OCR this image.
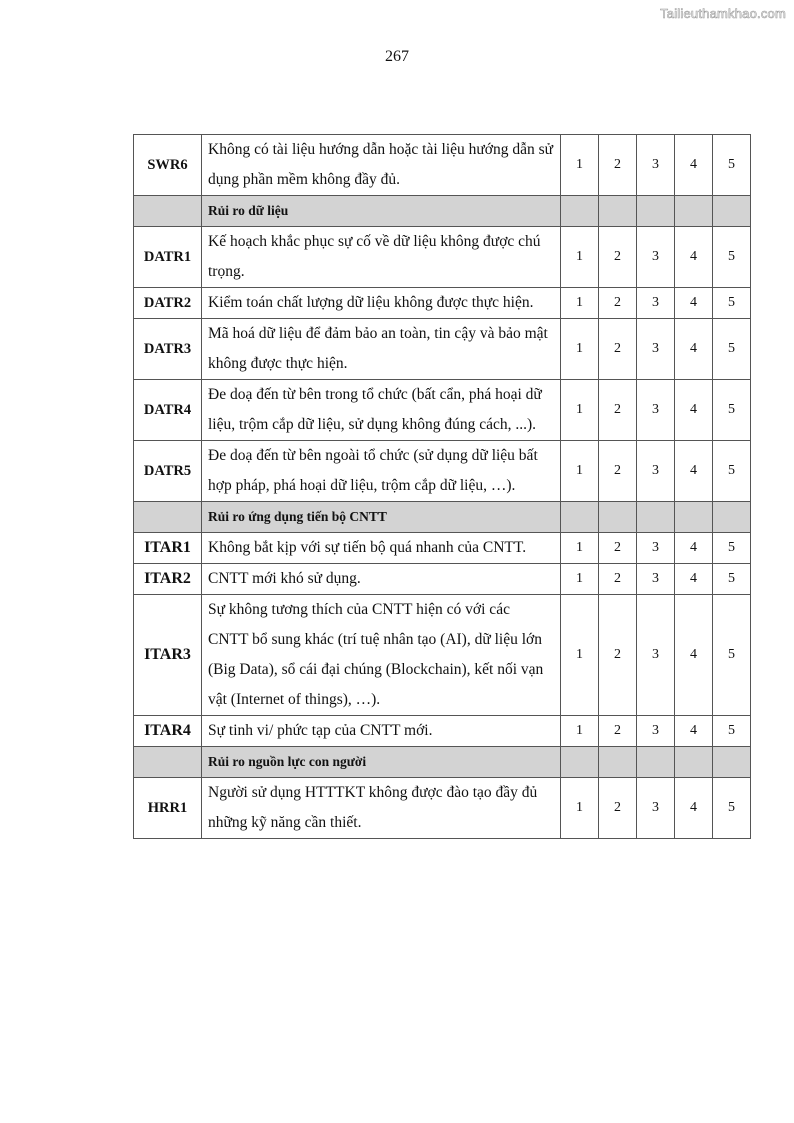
Tailieuthamkhao.com
267
SWR6	Không có tài liệu hướng dẫn hoặc tài liệu hướng dẫn sử dụng phần mềm không đầy đủ.	1	2	3	4	5
	Rủi ro dữ liệu					
DATR1	Kế hoạch khắc phục sự cố về dữ liệu không được chú trọng.	1	2	3	4	5
DATR2	Kiểm toán chất lượng dữ liệu không được thực hiện.	1	2	3	4	5
DATR3	Mã hoá dữ liệu để đảm bảo an toàn, tin cậy và bảo mật không được thực hiện.	1	2	3	4	5
DATR4	Đe doạ đến từ bên trong tổ chức (bất cẩn, phá hoại dữ liệu, trộm cắp dữ liệu, sử dụng không đúng cách, ...).	1	2	3	4	5
DATR5	Đe doạ đến từ bên ngoài tổ chức (sử dụng dữ liệu bất hợp pháp, phá hoại dữ liệu, trộm cắp dữ liệu, …).	1	2	3	4	5
	Rủi ro ứng dụng tiến bộ CNTT					
ITAR1	Không bắt kịp với sự tiến bộ quá nhanh của CNTT.	1	2	3	4	5
ITAR2	CNTT mới khó sử dụng.	1	2	3	4	5
ITAR3	Sự không tương thích của CNTT hiện có với các CNTT bổ sung khác (trí tuệ nhân tạo (AI), dữ liệu lớn (Big Data), sổ cái đại chúng (Blockchain), kết nối vạn vật (Internet of things), …).	1	2	3	4	5
ITAR4	Sự tinh vi/ phức tạp của CNTT mới.	1	2	3	4	5
	Rủi ro nguồn lực con người					
HRR1	Người sử dụng HTTTKT không được đào tạo đầy đủ những kỹ năng cần thiết.	1	2	3	4	5
